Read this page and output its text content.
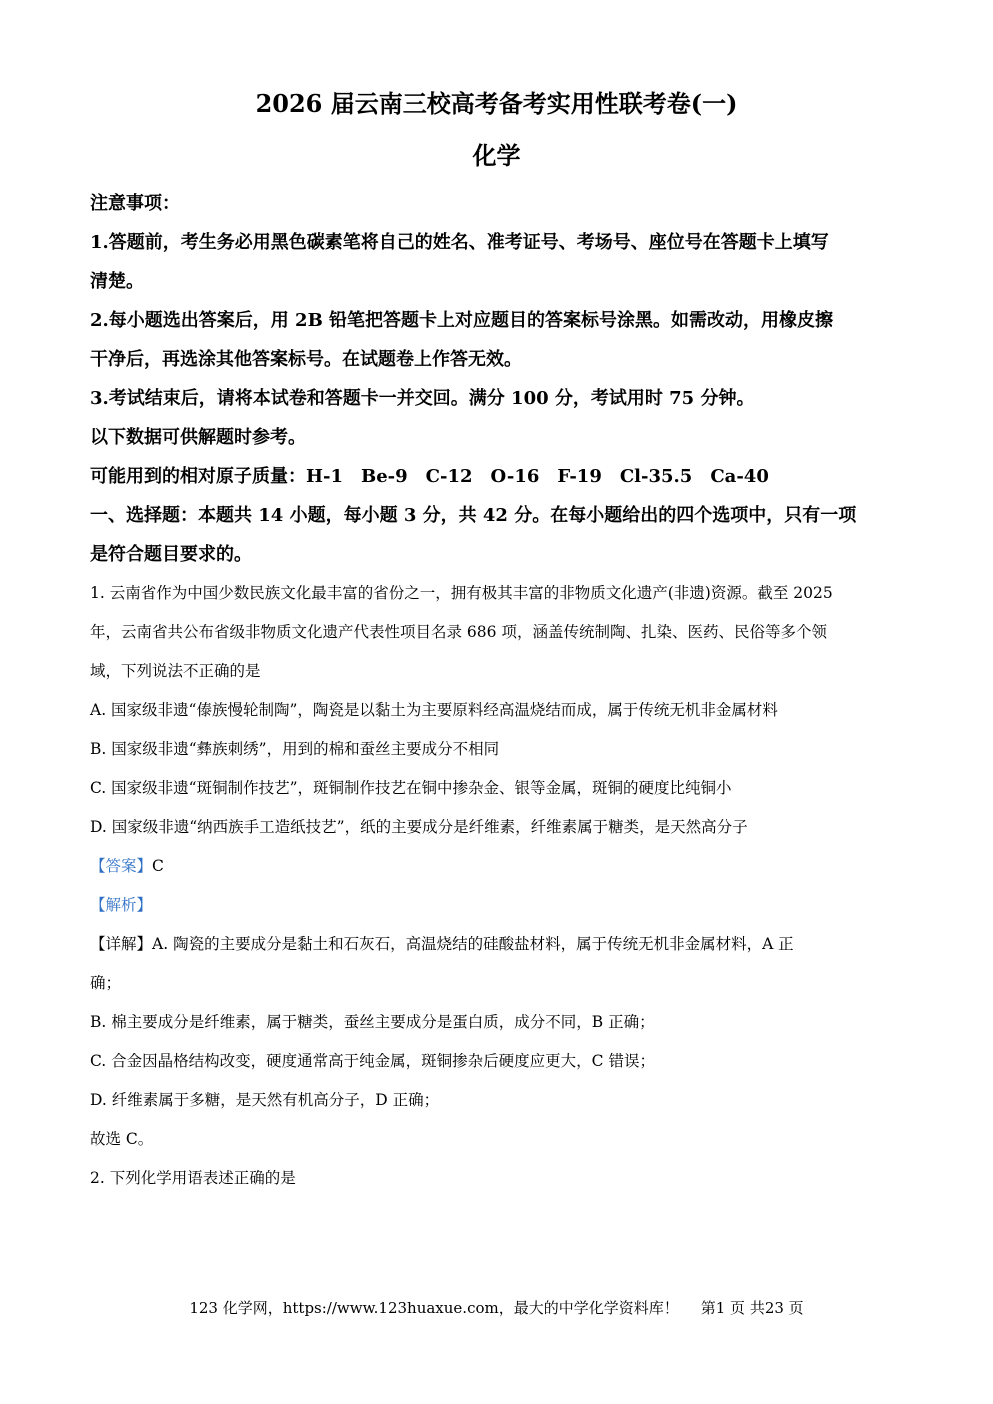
2026 届云南三校高考备考实用性联考卷(一)
化学
注意事项：
1.答题前，考生务必用黑色碳素笔将自己的姓名、准考证号、考场号、座位号在答题卡上填写
清楚。
2.每小题选出答案后，用 2B 铅笔把答题卡上对应题目的答案标号涂黑。如需改动，用橡皮擦
干净后，再选涂其他答案标号。在试题卷上作答无效。
3.考试结束后，请将本试卷和答题卡一并交回。满分 100 分，考试用时 75 分钟。
以下数据可供解题时参考。
可能用到的相对原子质量：H-1　Be-9　C-12　O-16　F-19　Cl-35.5　Ca-40
一、选择题：本题共 14 小题，每小题 3 分，共 42 分。在每小题给出的四个选项中，只有一项
是符合题目要求的。
1. 云南省作为中国少数民族文化最丰富的省份之一，拥有极其丰富的非物质文化遗产(非遗)资源。截至 2025
年，云南省共公布省级非物质文化遗产代表性项目名录 686 项，涵盖传统制陶、扎染、医药、民俗等多个领
域，下列说法不正确的是
A. 国家级非遗“傣族慢轮制陶”，陶瓷是以黏土为主要原料经高温烧结而成，属于传统无机非金属材料
B. 国家级非遗“彝族刺绣”，用到的棉和蚕丝主要成分不相同
C. 国家级非遗“斑铜制作技艺”，斑铜制作技艺在铜中掺杂金、银等金属，斑铜的硬度比纯铜小
D. 国家级非遗“纳西族手工造纸技艺”，纸的主要成分是纤维素，纤维素属于糖类，是天然高分子
【答案】C
【解析】
【详解】A. 陶瓷的主要成分是黏土和石灰石，高温烧结的硅酸盐材料，属于传统无机非金属材料，A 正
确；
B. 棉主要成分是纤维素，属于糖类，蚕丝主要成分是蛋白质，成分不同，B 正确；
C. 合金因晶格结构改变，硬度通常高于纯金属，斑铜掺杂后硬度应更大，C 错误；
D. 纤维素属于多糖，是天然有机高分子，D 正确；
故选 C。
2. 下列化学用语表述正确的是
123 化学网，https://www.123huaxue.com，最大的中学化学资料库！ 第1 页 共23 页
